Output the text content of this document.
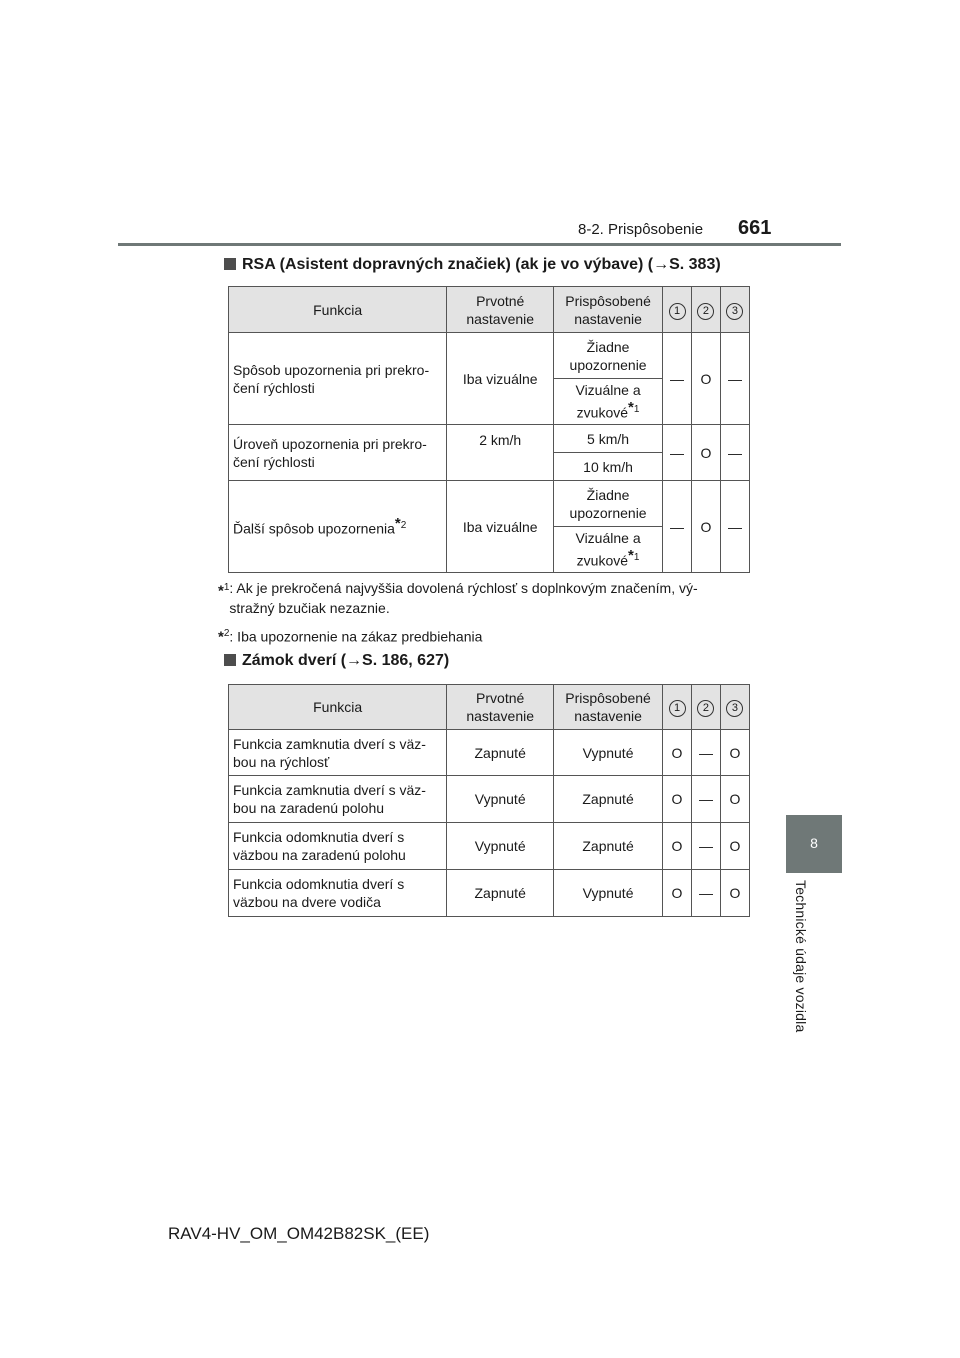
8-2. Prispôsobenie 661
8
Technické údaje vozidla
RSA (Asistent dopravných značiek) (ak je vo výbave) (→S. 383)
Funkcia	Prvotné nastavenie	Prispôsobené nastavenie	1	2	3
Spôsob upozornenia pri prekro- čení rýchlosti	Iba vizuálne	Žiadne upozornenie	—	O	—
		Vizuálne a zvukové$^{*1}$
Úroveň upozornenia pri prekro- čení rýchlosti	2 km/h	5 km/h	—	O	—
		10 km/h			
Ďalší spôsob upozornenia$^{*2}$	Iba vizuálne	Žiadne upozornenie	—	O	—
		Vizuálne a zvukové$^{*1}$
*$^1$: Ak je prekročená najvyššia dovolená rýchlosť s doplnkovým značením, vý- stražný bzučiak nezaznie.
*$^2$: Iba upozornenie na zákaz predbiehania
Zámok dverí (→S. 186, 627)
Funkcia	Prvotné nastavenie	Prispôsobené nastavenie	1	2	3
Funkcia zamknutia dverí s väz- bou na rýchlosť	Zapnuté	Vypnuté	O	—	O
Funkcia zamknutia dverí s väz- bou na zaradenú polohu	Vypnuté	Zapnuté	O	—	O
Funkcia odomknutia dverí s väzbou na zaradenú polohu	Vypnuté	Zapnuté	O	—	O
Funkcia odomknutia dverí s väzbou na dvere vodiča	Zapnuté	Vypnuté	O	—	O
RAV4-HV_OM_OM42B82SK_(EE)
